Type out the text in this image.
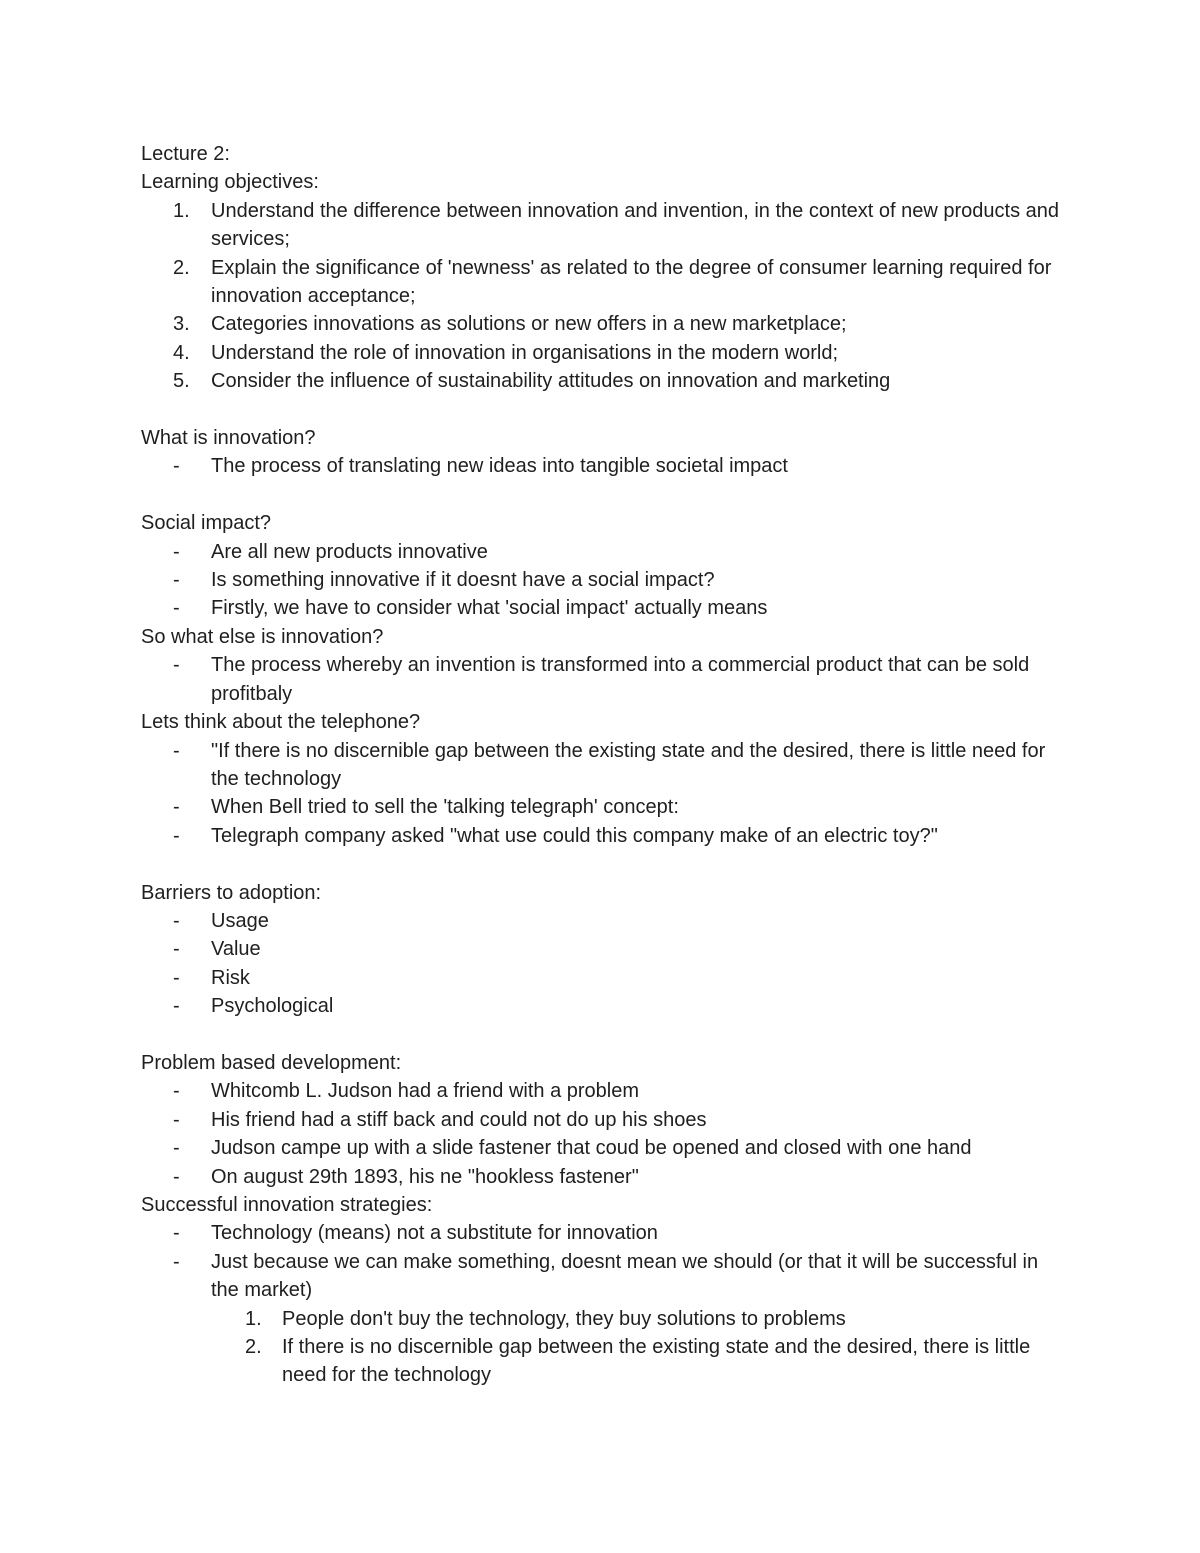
Lecture 2:

Learning objectives:

1. Understand the difference between innovation and invention, in the context of new products and services;
2. Explain the significance of 'newness' as related to the degree of consumer learning required for innovation acceptance;
3. Categories innovations as solutions or new offers in a new marketplace;
4. Understand the role of innovation in organisations in the modern world;
5. Consider the influence of sustainability attitudes on innovation and marketing

What is innovation?

- The process of translating new ideas into tangible societal impact

Social impact?

- Are all new products innovative
- Is something innovative if it doesnt have a social impact?
- Firstly, we have to consider what 'social impact' actually means

So what else is innovation?

- The process whereby an invention is transformed into a commercial product that can be sold profitbaly

Lets think about the telephone?

- "If there is no discernible gap between the existing state and the desired, there is little need for the technology
- When Bell tried to sell the 'talking telegraph' concept:
- Telegraph company asked "what use could this company make of an electric toy?"

Barriers to adoption:

- Usage
- Value
- Risk
- Psychological

Problem based development:

- Whitcomb L. Judson had a friend with a problem
- His friend had a stiff back and could not do up his shoes
- Judson campe up with a slide fastener that coud be opened and closed with one hand
- On august 29th 1893, his ne "hookless fastener"

Successful innovation strategies:

- Technology (means) not a substitute for innovation
- Just because we can make something, doesnt mean we should (or that it will be successful in the market)
1. People don't buy the technology, they buy solutions to problems
2. If there is no discernible gap between the existing state and the desired, there is little need for the technology
